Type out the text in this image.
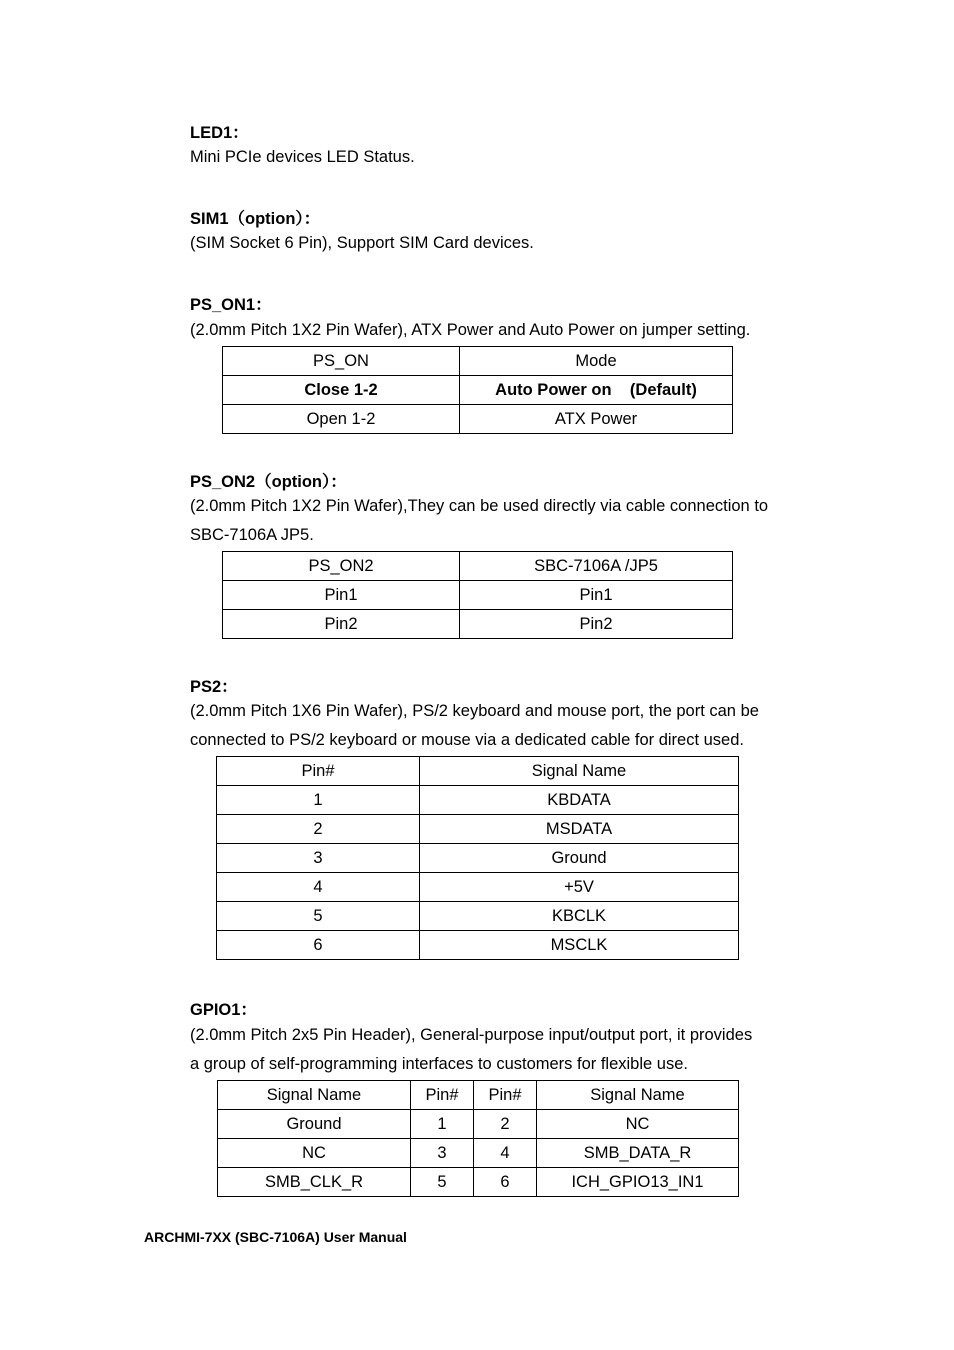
LED1：
Mini PCIe devices LED Status.
SIM1（option）：
(SIM Socket 6 Pin), Support SIM Card devices.
PS_ON1：
(2.0mm Pitch 1X2 Pin Wafer), ATX Power and Auto Power on jumper setting.
PS_ON	Mode
Close 1-2	Auto Power on    (Default)
Open 1-2	ATX Power
PS_ON2（option）：
(2.0mm Pitch 1X2 Pin Wafer),They can be used directly via cable connection to
SBC-7106A JP5.
PS_ON2	SBC-7106A /JP5
Pin1	Pin1
Pin2	Pin2
PS2：
(2.0mm Pitch 1X6 Pin Wafer), PS/2 keyboard and mouse port, the port can be
connected to PS/2 keyboard or mouse via a dedicated cable for direct used.
Pin#	Signal Name
1	KBDATA
2	MSDATA
3	Ground
4	+5V
5	KBCLK
6	MSCLK
GPIO1：
(2.0mm Pitch 2x5 Pin Header), General-purpose input/output port, it provides
a group of self-programming interfaces to customers for flexible use.
Signal Name	Pin#	Pin#	Signal Name
Ground	1	2	NC
NC	3	4	SMB_DATA_R
SMB_CLK_R	5	6	ICH_GPIO13_IN1
ARCHMI-7XX (SBC-7106A) User Manual
